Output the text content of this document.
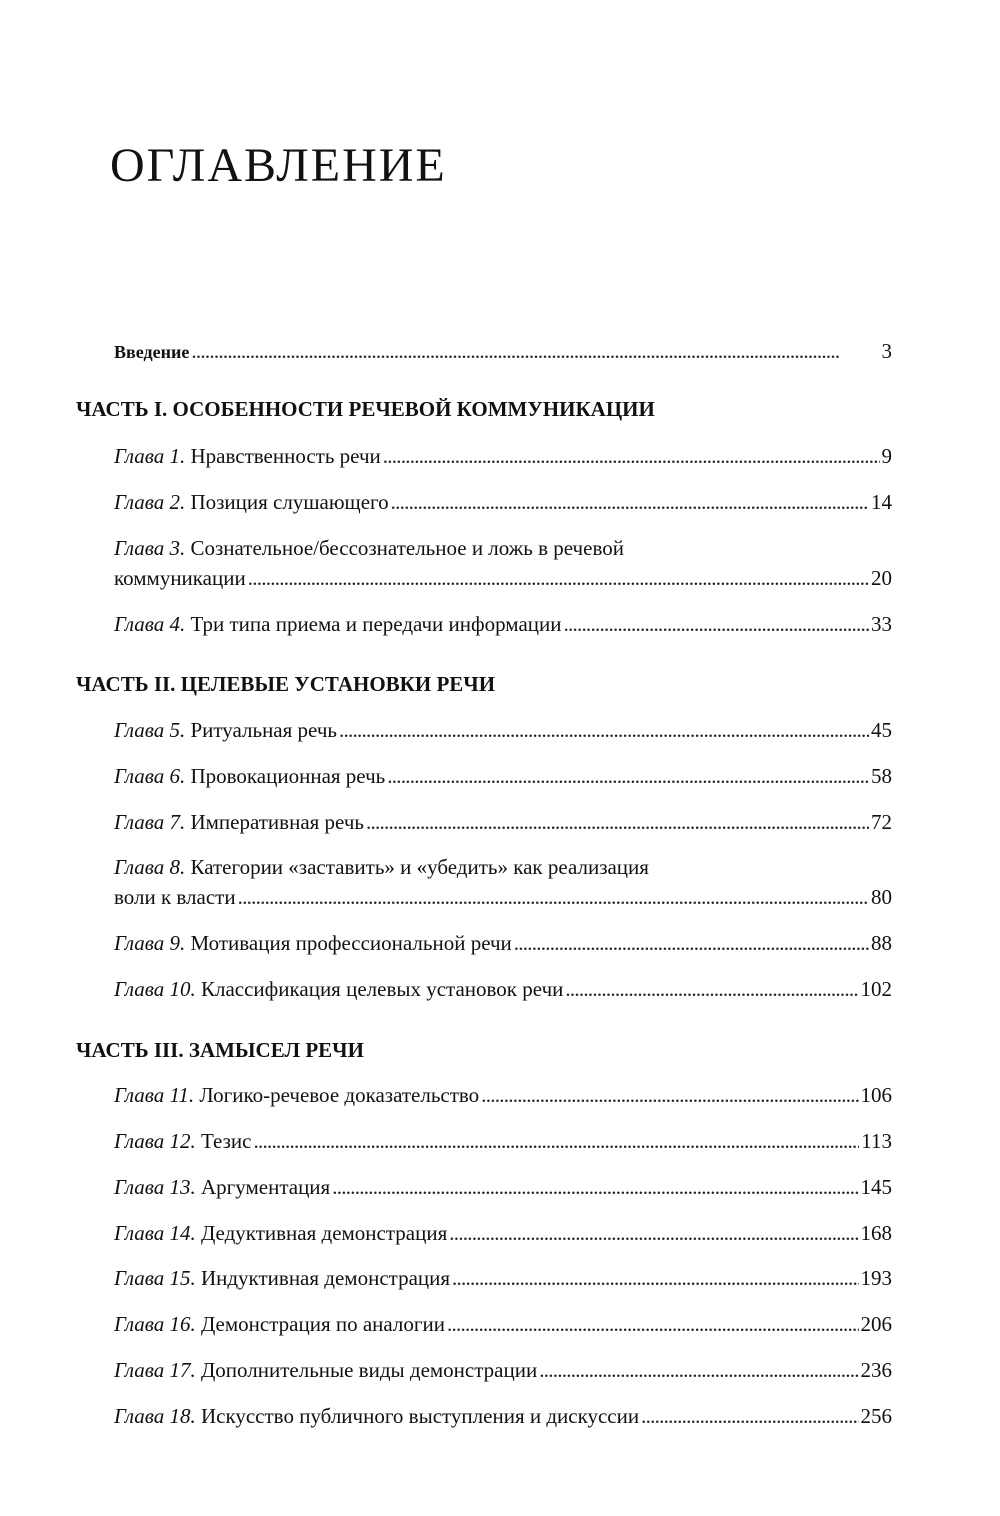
ОГЛАВЛЕНИЕ
Введение . . .	3
ЧАСТЬ I. ОСОБЕННОСТИ РЕЧЕВОЙ КОММУНИКАЦИИ
Глава 1. Нравственность речи . . .	9
Глава 2. Позиция слушающего . . .	14
Глава 3. Сознательное/бессознательное и ложь в речевой
коммуникации . . .	20
Глава 4. Три типа приема и передачи информации . . .	33
ЧАСТЬ II. ЦЕЛЕВЫЕ УСТАНОВКИ РЕЧИ
Глава 5. Ритуальная речь . . .	45
Глава 6. Провокационная речь . . .	58
Глава 7. Императивная речь . . .	72
Глава 8. Категории «заставить» и «убедить» как реализация
воли к власти . . .	80
Глава 9. Мотивация профессиональной речи . . .	88
Глава 10. Классификация целевых установок речи . . .	102
ЧАСТЬ III. ЗАМЫСЕЛ РЕЧИ
Глава 11. Логико-речевое доказательство . . .	106
Глава 12. Тезис . . .	113
Глава 13. Аргументация . . .	145
Глава 14. Дедуктивная демонстрация . . .	168
Глава 15. Индуктивная демонстрация . . .	193
Глава 16. Демонстрация по аналогии . . .	206
Глава 17. Дополнительные виды демонстрации . . .	236
Глава 18. Искусство публичного выступления и дискуссии . . .	256
